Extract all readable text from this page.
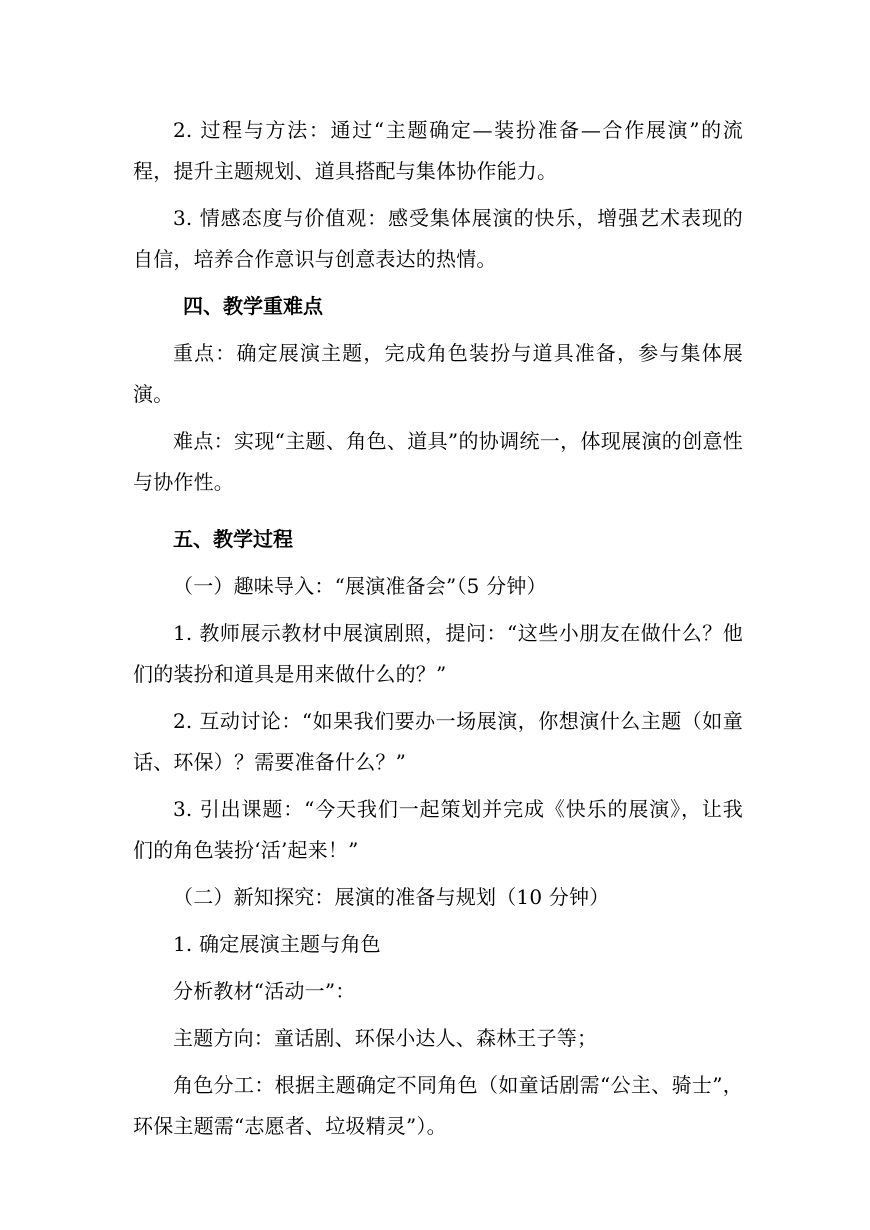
2. 过程与方法：通过“主题确定—装扮准备—合作展演”的流程，提升主题规划、道具搭配与集体协作能力。

3. 情感态度与价值观：感受集体展演的快乐，增强艺术表现的自信，培养合作意识与创意表达的热情。

四、教学重难点

重点：确定展演主题，完成角色装扮与道具准备，参与集体展演。

难点：实现“主题、角色、道具”的协调统一，体现展演的创意性与协作性。

五、教学过程

（一）趣味导入：“展演准备会”（5 分钟）

1. 教师展示教材中展演剧照，提问：“这些小朋友在做什么？他们的装扮和道具是用来做什么的？”

2. 互动讨论：“如果我们要办一场展演，你想演什么主题（如童话、环保）？需要准备什么？”

3. 引出课题：“今天我们一起策划并完成《快乐的展演》，让我们的角色装扮‘活’起来！”

（二）新知探究：展演的准备与规划（10 分钟）

1. 确定展演主题与角色

分析教材“活动一”：

主题方向：童话剧、环保小达人、森林王子等；

角色分工：根据主题确定不同角色（如童话剧需“公主、骑士”，环保主题需“志愿者、垃圾精灵”）。
